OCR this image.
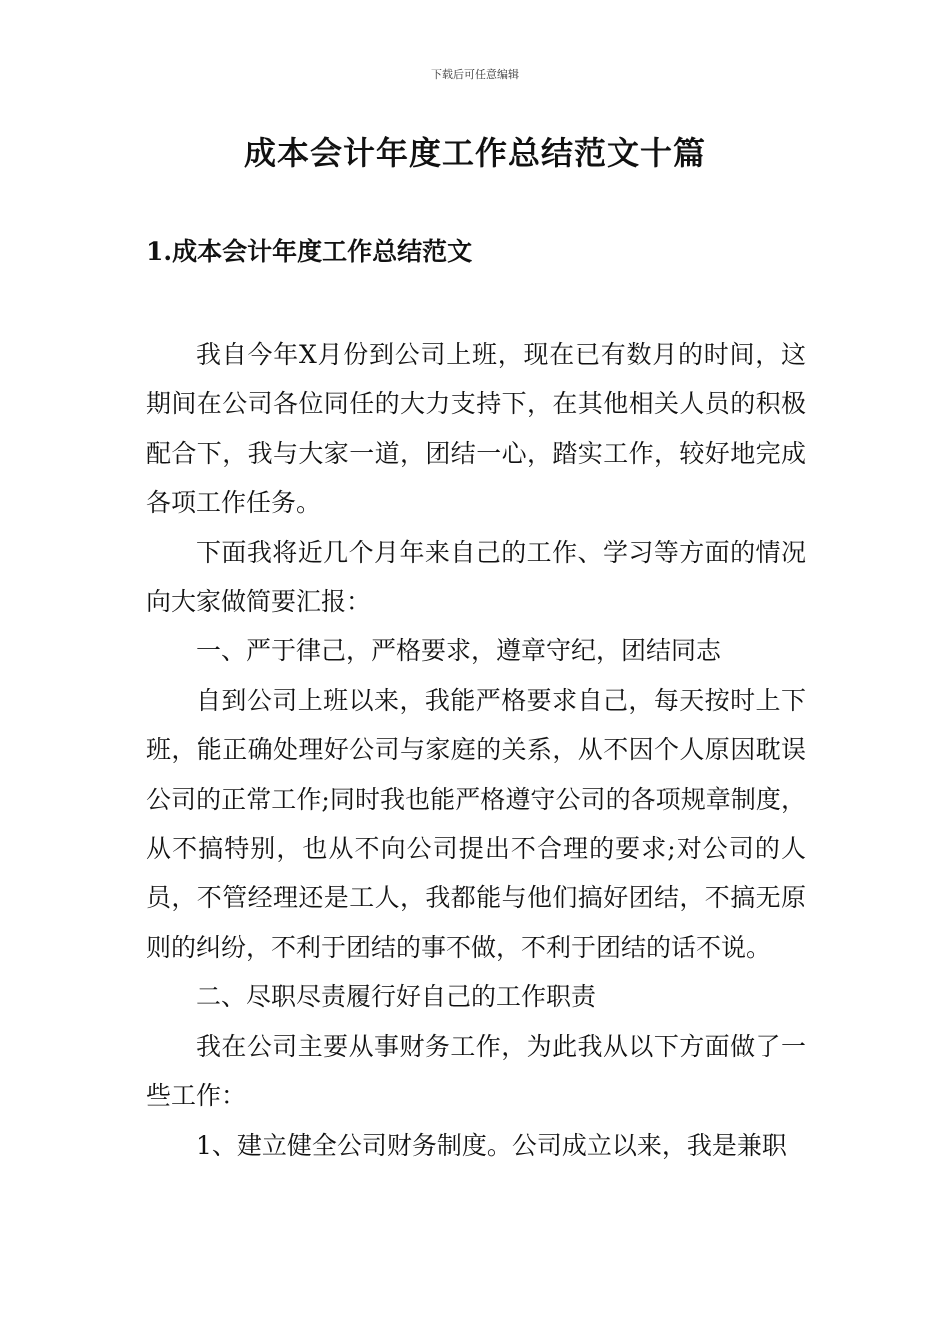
下载后可任意编辑
成本会计年度工作总结范文十篇
1.成本会计年度工作总结范文

我自今年X月份到公司上班，现在已有数月的时间，这期间在公司各位同任的大力支持下，在其他相关人员的积极配合下，我与大家一道，团结一心，踏实工作，较好地完成各项工作任务。

下面我将近几个月年来自己的工作、学习等方面的情况向大家做简要汇报：

一、严于律己，严格要求，遵章守纪，团结同志

自到公司上班以来，我能严格要求自己，每天按时上下班，能正确处理好公司与家庭的关系，从不因个人原因耽误公司的正常工作;同时我也能严格遵守公司的各项规章制度，从不搞特别，也从不向公司提出不合理的要求;对公司的人员，不管经理还是工人，我都能与他们搞好团结，不搞无原则的纠纷，不利于团结的事不做，不利于团结的话不说。

二、尽职尽责履行好自己的工作职责

我在公司主要从事财务工作，为此我从以下方面做了一些工作：

1、建立健全公司财务制度。公司成立以来，我是兼职
